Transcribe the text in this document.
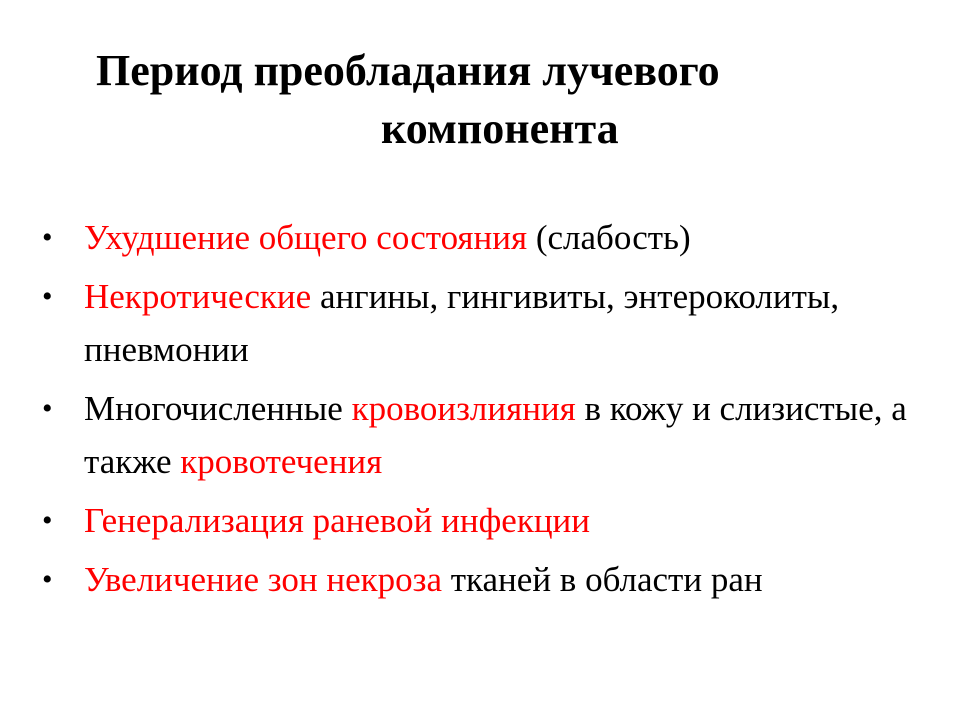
Период преобладания лучевого
компонента
• Ухудшение общего состояния (слабость)
• Некротические ангины, гингивиты, энтероколиты, пневмонии
• Многочисленные кровоизлияния в кожу и слизистые, а также кровотечения
• Генерализация раневой инфекции
• Увеличение зон некроза тканей в области ран
